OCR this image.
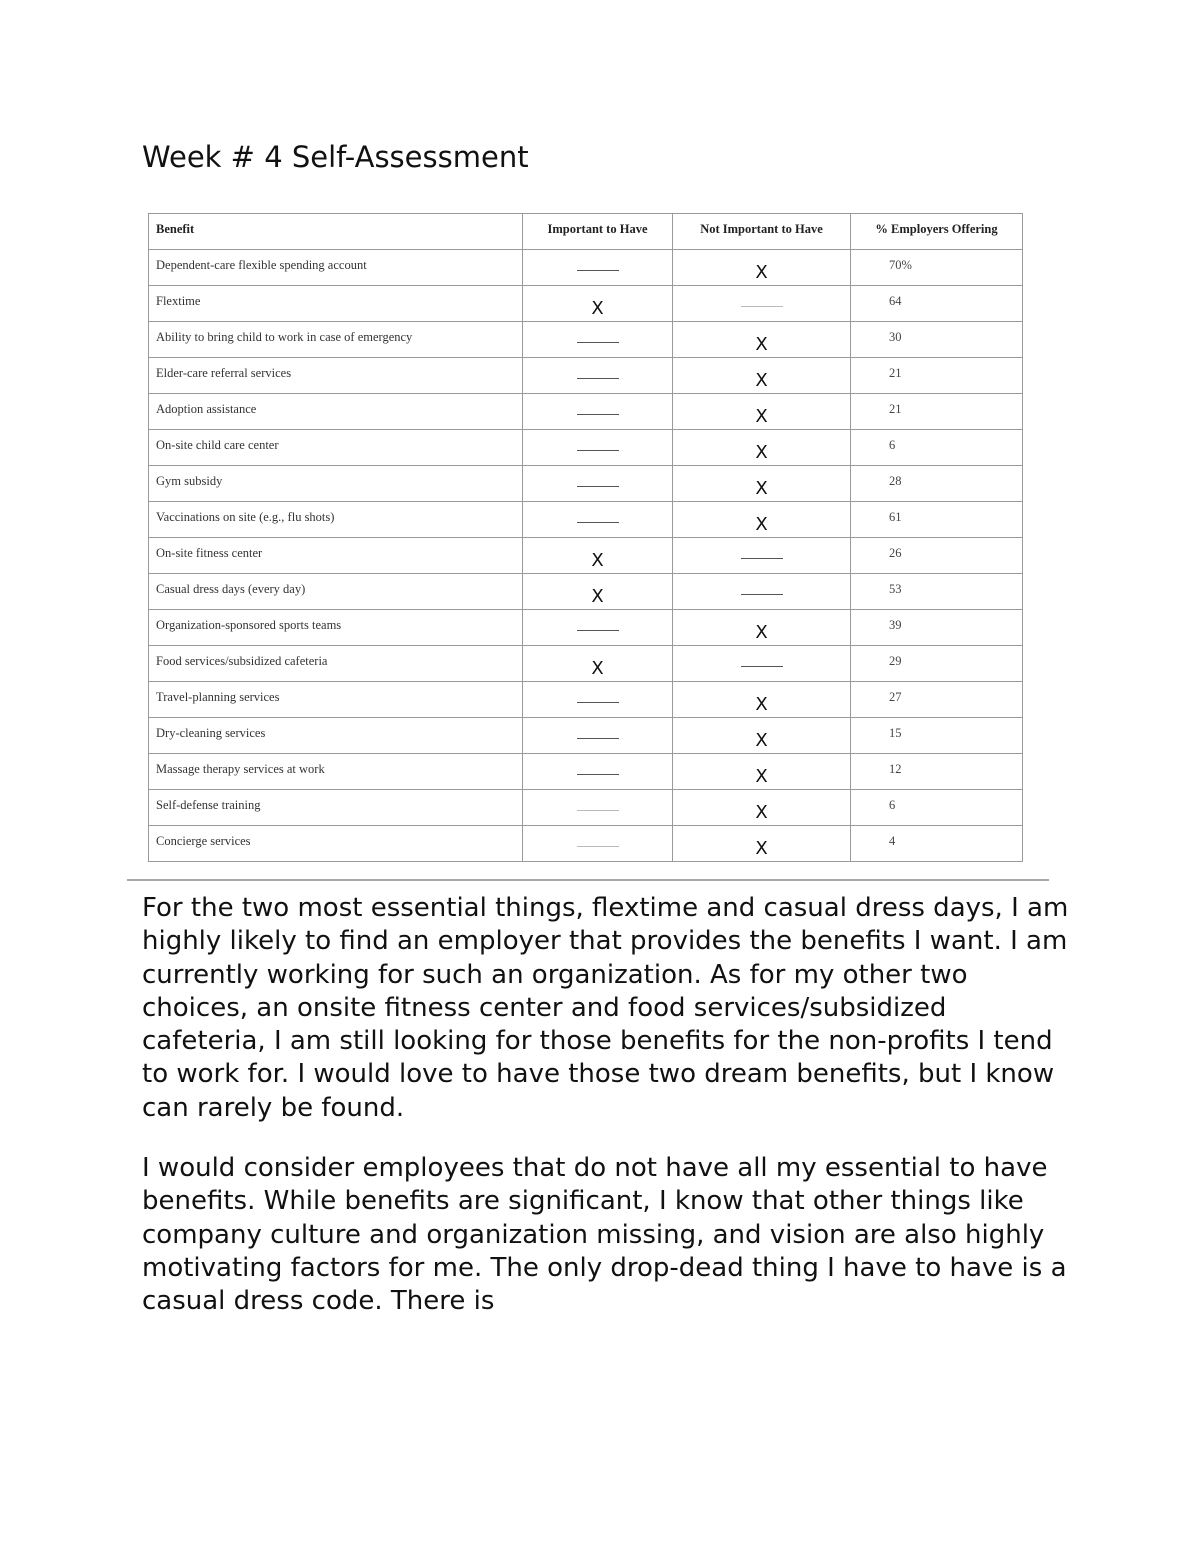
Week # 4 Self-Assessment
Benefit	Important to Have	Not Important to Have	% Employers Offering
Dependent-care flexible spending account		X	70%
Flextime	X		64
Ability to bring child to work in case of emergency		X	30
Elder-care referral services		X	21
Adoption assistance		X	21
On-site child care center		X	6
Gym subsidy		X	28
Vaccinations on site (e.g., flu shots)		X	61
On-site fitness center	X		26
Casual dress days (every day)	X		53
Organization-sponsored sports teams		X	39
Food services/subsidized cafeteria	X		29
Travel-planning services		X	27
Dry-cleaning services		X	15
Massage therapy services at work		X	12
Self-defense training		X	6
Concierge services		X	4

For the two most essential things, flextime and casual dress days, I am highly likely to find an employer that provides the benefits I want. I am currently working for such an organization. As for my other two choices, an onsite fitness center and food services/subsidized cafeteria, I am still looking for those benefits for the non-profits I tend to work for. I would love to have those two dream benefits, but I know can rarely be found.

I would consider employees that do not have all my essential to have benefits. While benefits are significant, I know that other things like company culture and organization missing, and vision are also highly motivating factors for me. The only drop-dead thing I have to have is a casual dress code. There is
